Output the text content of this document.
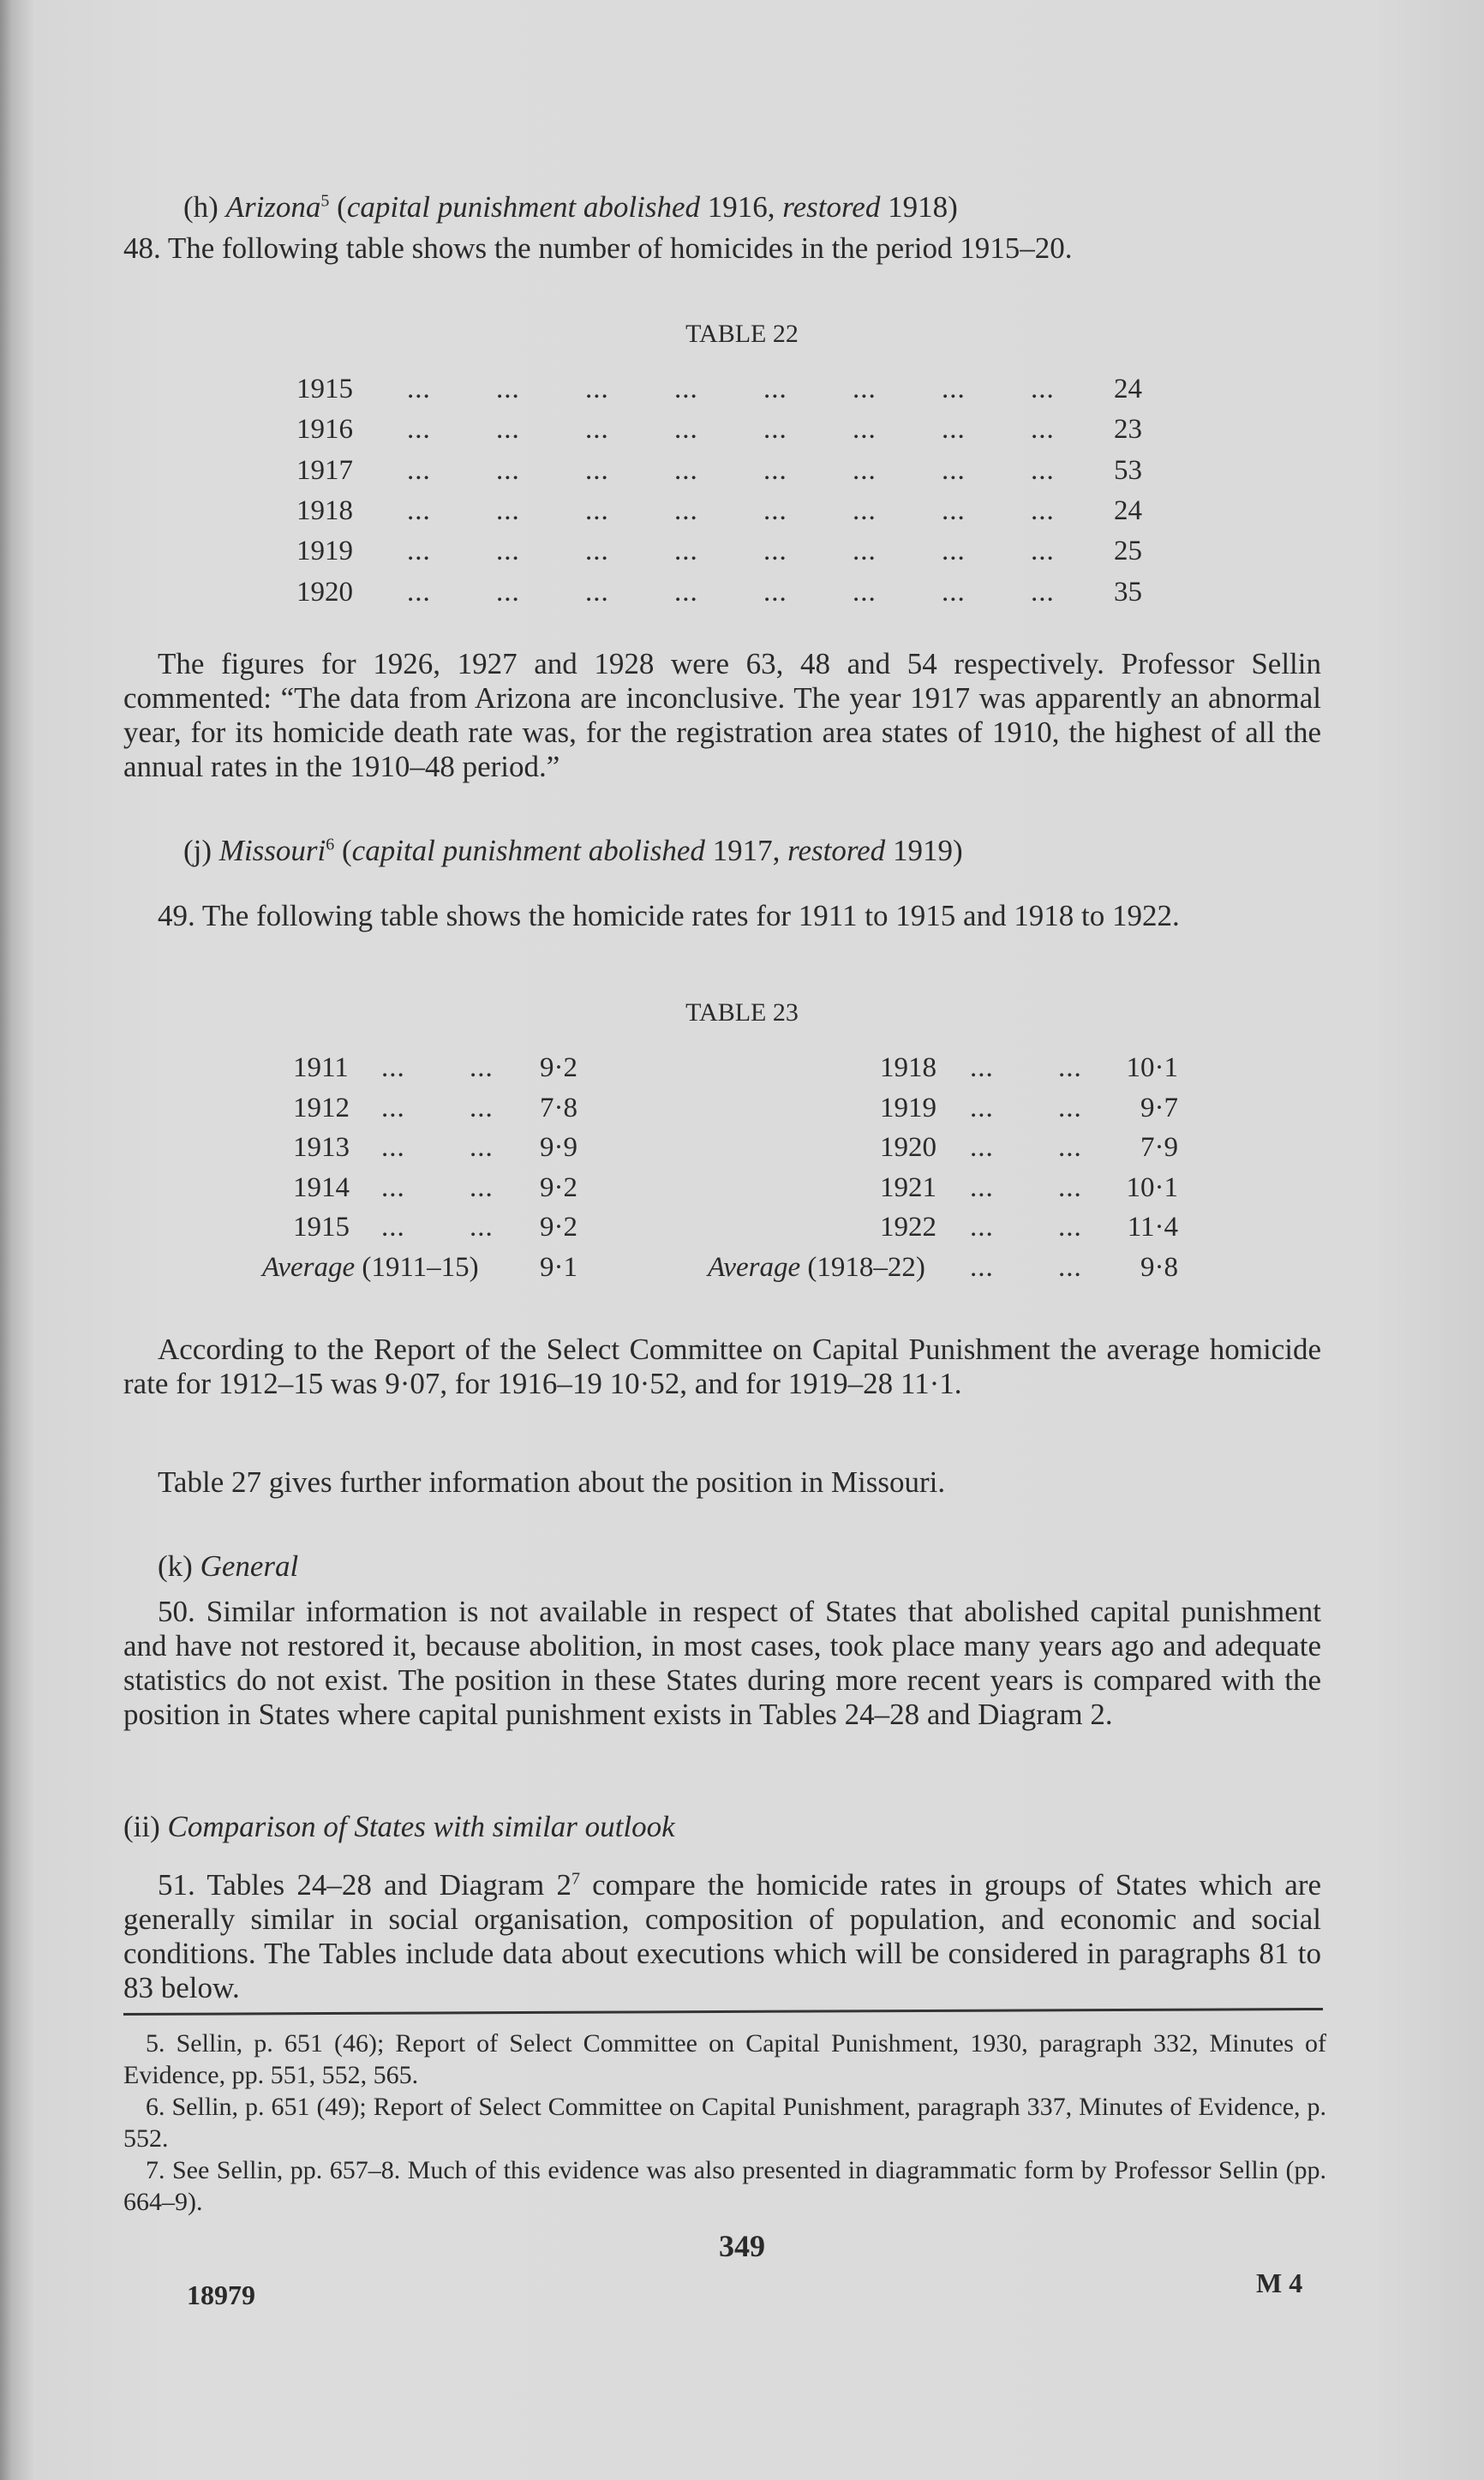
(h) Arizona$^5$ (capital punishment abolished 1916, restored 1918)
48. The following table shows the number of homicides in the period 1915–20.
TABLE 22
1915 ... ... ... ... ... ... ... ... 24
1916 ... ... ... ... ... ... ... ... 23
1917 ... ... ... ... ... ... ... ... 53
1918 ... ... ... ... ... ... ... ... 24
1919 ... ... ... ... ... ... ... ... 25
1920 ... ... ... ... ... ... ... ... 35
The figures for 1926, 1927 and 1928 were 63, 48 and 54 respectively. Professor Sellin commented: “The data from Arizona are inconclusive. The year 1917 was apparently an abnormal year, for its homicide death rate was, for the registration area states of 1910, the highest of all the annual rates in the 1910–48 period.”
(j) Missouri$^6$ (capital punishment abolished 1917, restored 1919)
49. The following table shows the homicide rates for 1911 to 1915 and 1918 to 1922.
TABLE 23
1911 ... ... 9·2
1912 ... ... 7·8
1913 ... ... 9·9
1914 ... ... 9·2
1915 ... ... 9·2
1918 ... ... 10·1
1919 ... ... 9·7
1920 ... ... 7·9
1921 ... ... 10·1
1922 ... ... 11·4
Average (1911–15) 9·1	Average (1918–22) ... ... 9·8
According to the Report of the Select Committee on Capital Punishment the average homicide rate for 1912–15 was 9·07, for 1916–19 10·52, and for 1919–28 11·1.
Table 27 gives further information about the position in Missouri.
(k) General
50. Similar information is not available in respect of States that abolished capital punishment and have not restored it, because abolition, in most cases, took place many years ago and adequate statistics do not exist. The position in these States during more recent years is compared with the position in States where capital punishment exists in Tables 24–28 and Diagram 2.
(ii) Comparison of States with similar outlook
51. Tables 24–28 and Diagram $2^7$ compare the homicide rates in groups of States which are generally similar in social organisation, composition of population, and economic and social conditions. The Tables include data about executions which will be considered in paragraphs 81 to 83 below.

5. Sellin, p. 651 (46); Report of Select Committee on Capital Punishment, 1930, paragraph 332, Minutes of Evidence, pp. 551, 552, 565.

6. Sellin, p. 651 (49); Report of Select Committee on Capital Punishment, paragraph 337, Minutes of Evidence, p. 552.

7. See Sellin, pp. 657–8. Much of this evidence was also presented in diagrammatic form by Professor Sellin (pp. 664–9).

349
18979	M 4
